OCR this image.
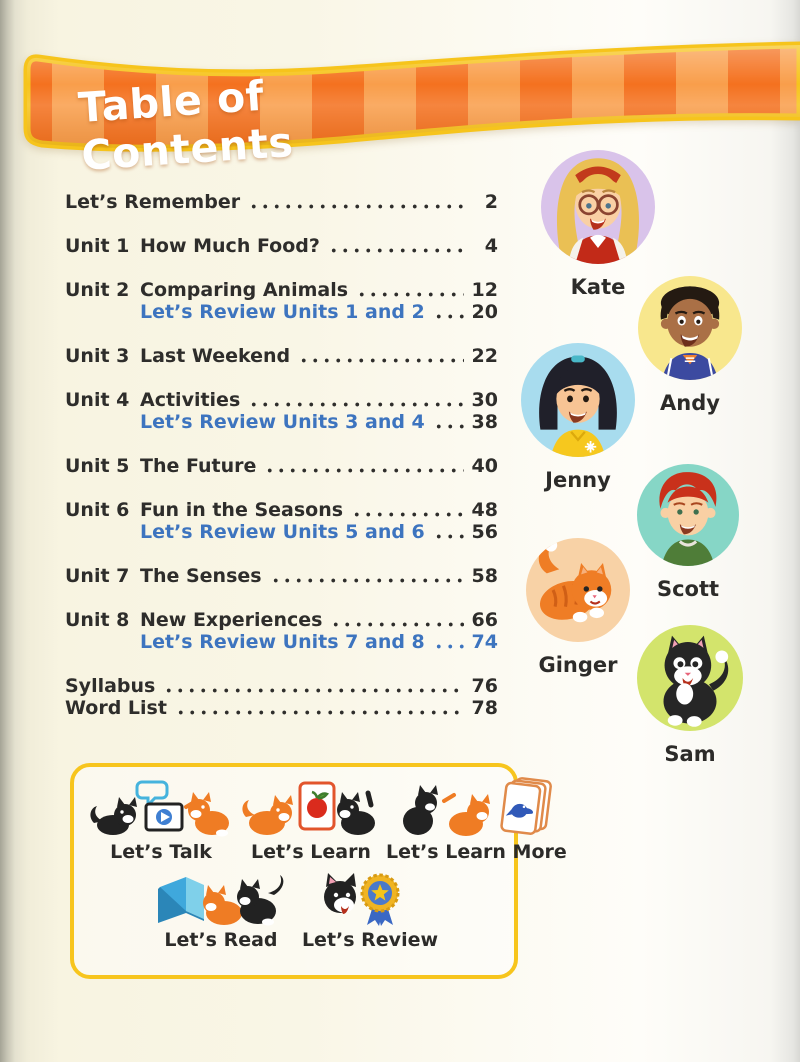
Table of Contents
Let’s Remember	2
Unit 1 How Much Food?	4
Unit 2 Comparing Animals	12
Let’s Review Units 1 and 2 20
Unit 3 Last Weekend	22
Unit 4 Activities	30
Let’s Review Units 3 and 4 38
Unit 5 The Future	40
Unit 6 Fun in the Seasons	48
Let’s Review Units 5 and 6 56
Unit 7 The Senses	58
Unit 8 New Experiences	66
Let’s Review Units 7 and 8 74
Syllabus	76
Word List	78
Kate
Andy
Jenny
Scott
Ginger
Sam
Let’s Talk Let’s Learn Let’s Learn More
Let’s Read Let’s Review
